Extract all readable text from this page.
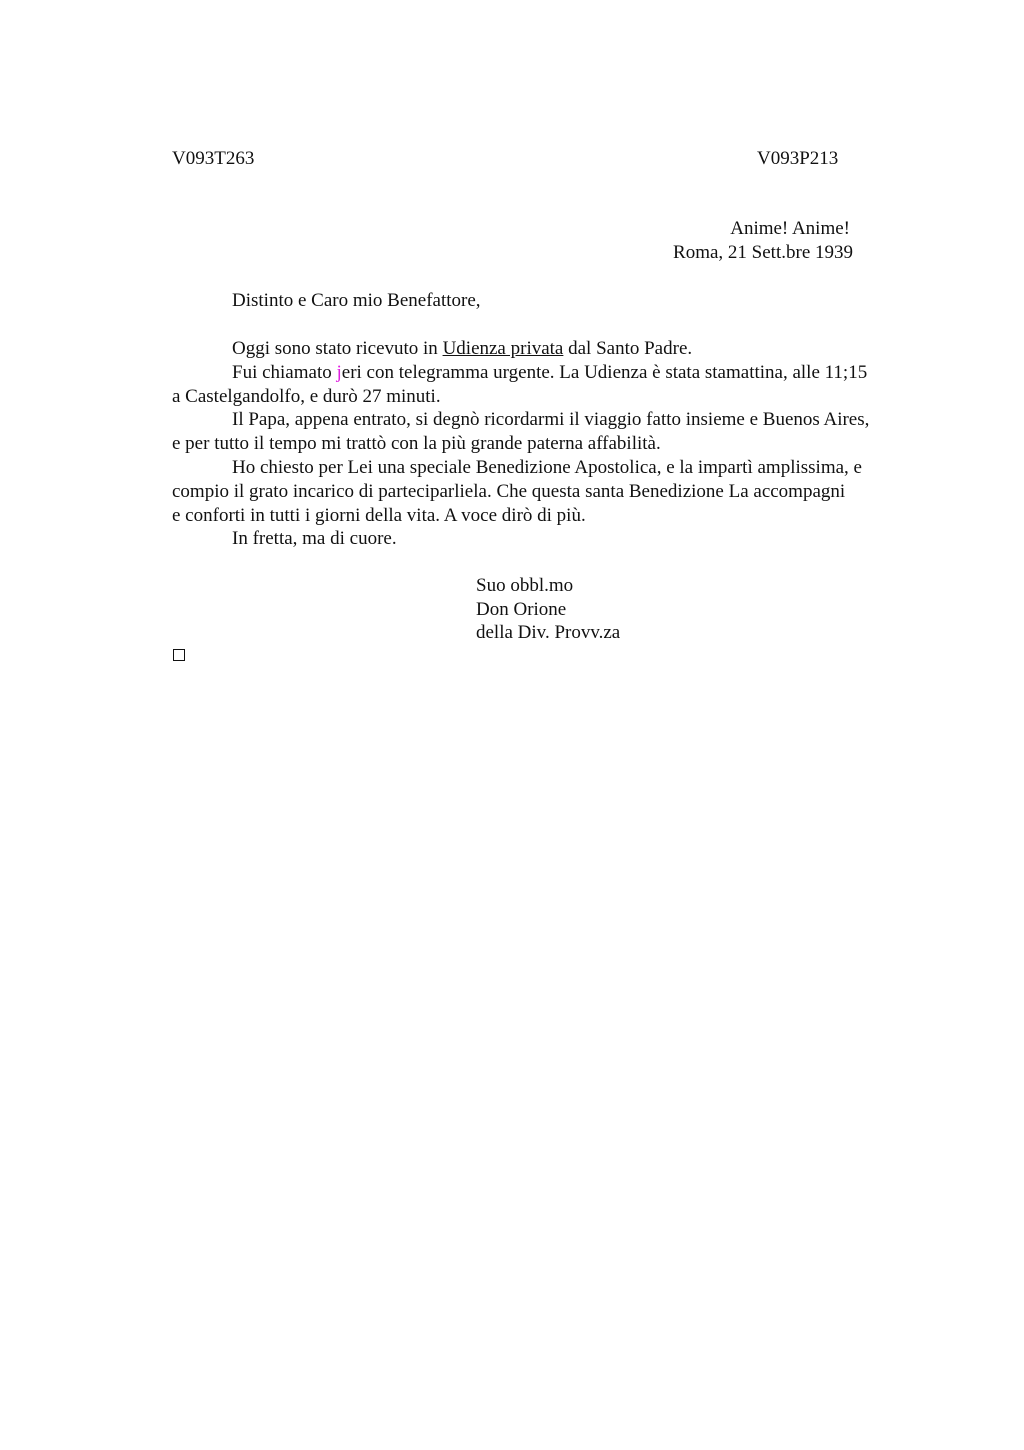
V093T263	V093P213
Anime! Anime!
Roma, 21 Sett.bre 1939
Distinto e Caro mio Benefattore,

Oggi sono stato ricevuto in Udienza privata dal Santo Padre.

Fui chiamato jeri con telegramma urgente. La Udienza è stata stamattina, alle 11;15
a Castelgandolfo, e durò 27 minuti.

Il Papa, appena entrato, si degnò ricordarmi il viaggio fatto insieme e Buenos Aires,
e per tutto il tempo mi trattò con la più grande paterna affabilità.

Ho chiesto per Lei una speciale Benedizione Apostolica, e la impartì amplissima, e
compio il grato incarico di parteciparliela. Che questa santa Benedizione La accompagni
e conforti in tutti i giorni della vita. A voce dirò di più.

In fretta, ma di cuore.

Suo obbl.mo
Don Orione
della Div. Provv.za
